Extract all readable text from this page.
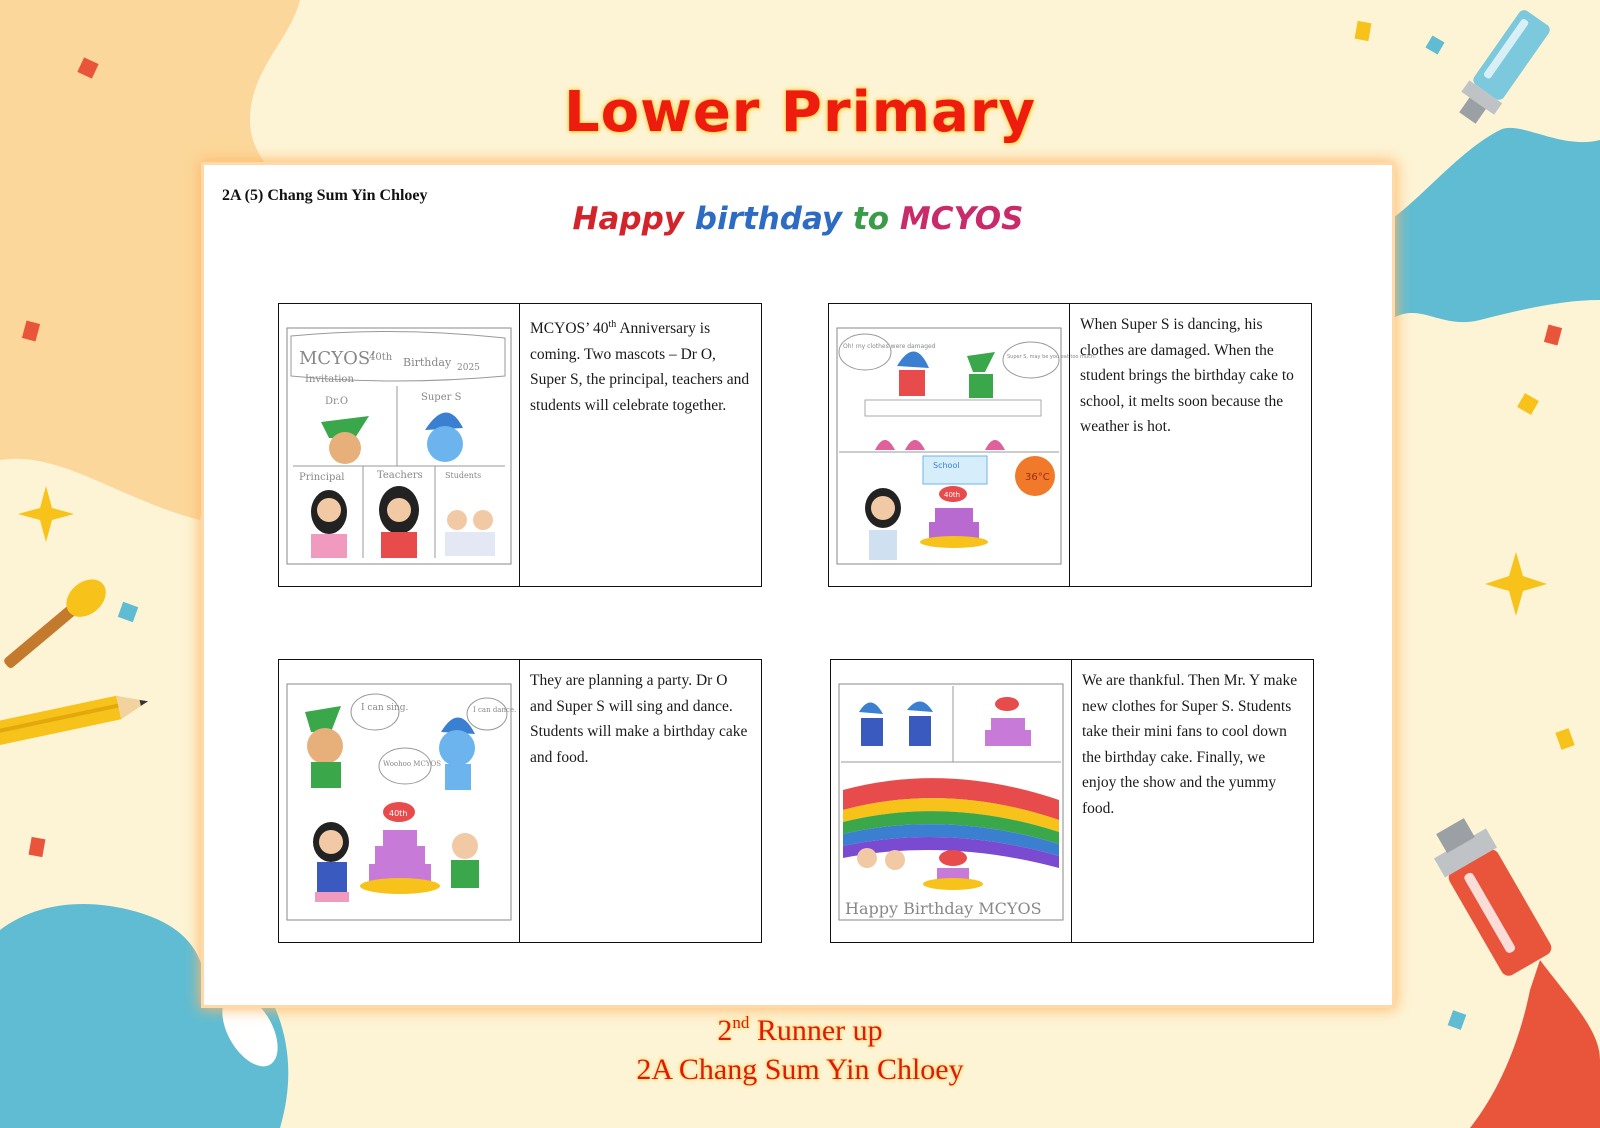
Lower Primary
2A (5) Chang Sum Yin Chloey
Happy birthday to MCYOS
MCYOS’
40th Birthday 2025
Invitation
Dr.O	Super S
Principal	Teachers	Students
MCYOS’ 40th Anniversary is coming. Two mascots – Dr O, Super S, the principal, teachers and students will celebrate together.
Oh! my clothes were damaged
Super S, may be you eat too much!
School
36°C
40th
When Super S is dancing, his clothes are damaged. When the student brings the birthday cake to school, it melts soon because the weather is hot.
I can sing.	I can dance.
Woohoo MCYOS
40th
They are planning a party. Dr O and Super S will sing and dance. Students will make a birthday cake and food.
Happy Birthday MCYOS
We are thankful. Then Mr. Y make new clothes for Super S. Students take their mini fans to cool down the birthday cake. Finally, we enjoy the show and the yummy food.
2nd Runner up
2A Chang Sum Yin Chloey
